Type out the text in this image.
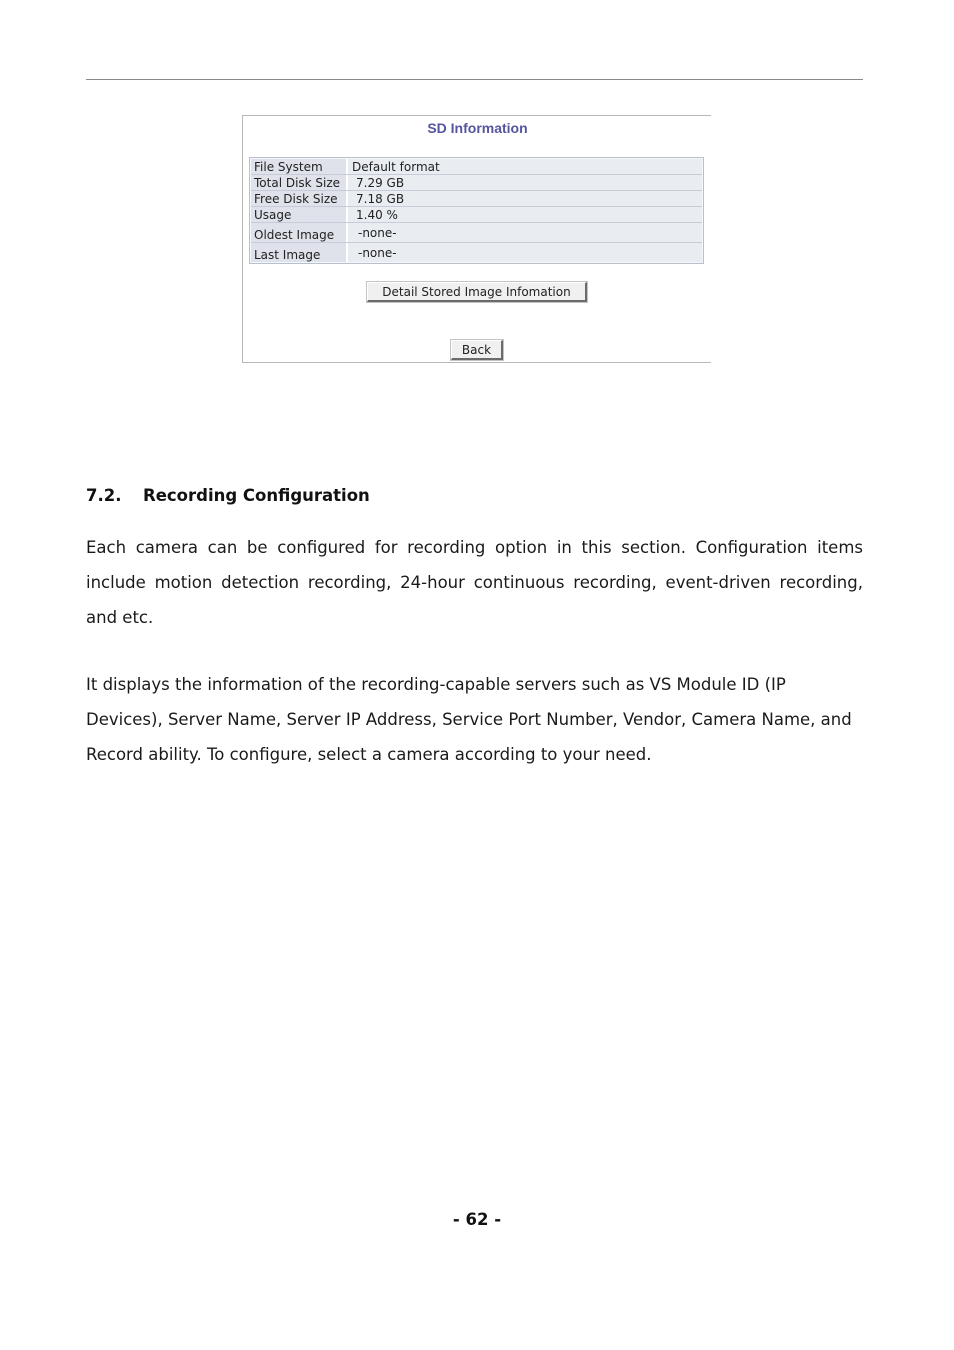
SD Information
File System	Default format
Total Disk Size	7.29 GB
Free Disk Size	7.18 GB
Usage	1.40 %
Oldest Image	-none-
Last Image	-none-
Detail Stored Image Infomation
Back
7.2. Recording Configuration
Each camera can be configured for recording option in this section. Configuration items include motion detection recording, 24-hour continuous recording, event-driven recording, and etc.
It displays the information of the recording-capable servers such as VS Module ID (IP Devices), Server Name, Server IP Address, Service Port Number, Vendor, Camera Name, and Record ability. To configure, select a camera according to your need.
- 62 -
